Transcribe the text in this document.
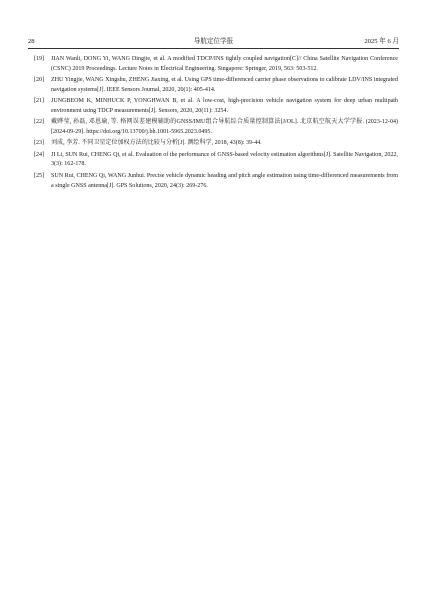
28	导航定位学报	2025 年 6 月
[19]	JIAN Wanli, DONG Yi, WANG Dingjie, et al. A modified TDCP/INS tightly coupled navigation[C]// China Satellite Navigation Conference (CSNC) 2019 Proceedings. Lecture Notes in Electrical Engineering. Singapore: Springer, 2019, 563: 503-512.
[20]	ZHU Yingjie, WANG Xingshu, ZHENG Jiaxing, et al. Using GPS time-differenced carrier phase observations to calibrate LDV/INS integrated navigation systems[J]. IEEE Sensors Journal, 2020, 20(1): 405-414.
[21]	JUNGBEOM K, MINHUCK P, YONGHWAN B, et al. A low-cost, high-precision vehicle navigation system for deep urban multipath environment using TDCP measurements[J]. Sensors, 2020, 20(11): 3254.
[22]	戴晔莹, 孙磊, 邓恩瑜, 等. 格网误差建模辅助的GNSS/IMU组合导航综合质量控制算法[J/OL]. 北京航空航天大学学报. (2023-12-04)[2024-09-29]. https://doi.org/10.13700/j.bh.1001-5965.2023.0495.
[23]	刘成, 李芳. 不同卫星定位加权方法的比较与分析[J]. 测绘科学, 2018, 43(8): 39-44.
[24]	JI Li, SUN Rui, CHENG Qi, et al. Evaluation of the performance of GNSS-based velocity estimation algorithms[J]. Satellite Navigation, 2022, 3(3): 162-178.
[25]	SUN Rui, CHENG Qi, WANG Junhui. Precise vehicle dynamic heading and pitch angle estimation using time-differenced measurements from a single GNSS antenna[J]. GPS Solutions, 2020, 24(3): 269-276.
